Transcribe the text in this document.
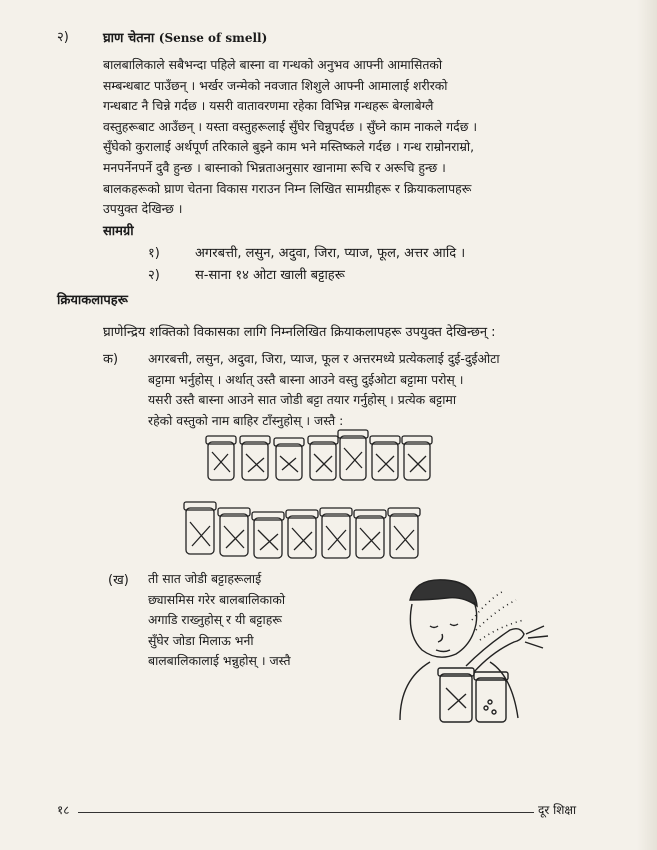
२)	घ्राण चेतना (Sense of smell)
बालबालिकाले सबैभन्दा पहिले बास्ना वा गन्धको अनुभव आफ्नी आमासितको
सम्बन्धबाट पाउँछन् । भर्खर जन्मेको नवजात शिशुले आफ्नी आमालाई शरीरको
गन्धबाट नै चिन्ने गर्दछ । यसरी वातावरणमा रहेका विभिन्न गन्धहरू बेग्लाबेग्लै
वस्तुहरूबाट आउँछन् । यस्ता वस्तुहरूलाई सुँघेर चिन्नुपर्दछ । सुँघ्ने काम नाकले गर्दछ ।
सुँघेको कुरालाई अर्थपूर्ण तरिकाले बुझ्ने काम भने मस्तिष्कले गर्दछ । गन्ध राम्रोनराम्रो,
मनपर्नेनपर्ने दुवै हुन्छ । बास्नाको भिन्नताअनुसार खानामा रूचि र अरूचि हुन्छ ।
बालकहरूको घ्राण चेतना विकास गराउन निम्न लिखित सामग्रीहरू र क्रियाकलापहरू
उपयुक्त देखिन्छ ।
सामग्री
१)	अगरबत्ती, लसुन, अदुवा, जिरा, प्याज, फूल, अत्तर आदि ।
२)	स-साना १४ ओटा खाली बट्टाहरू
क्रियाकलापहरू
घ्राणेन्द्रिय शक्तिको विकासका लागि निम्नलिखित क्रियाकलापहरू उपयुक्त देखिन्छन् :
क) अगरबत्ती, लसुन, अदुवा, जिरा, प्याज, फूल र अत्तरमध्ये प्रत्येकलाई दुई-दुईओटा
बट्टामा भर्नुहोस् । अर्थात् उस्तै बास्ना आउने वस्तु दुईओटा बट्टामा परोस् ।
यसरी उस्तै बास्ना आउने सात जोडी बट्टा तयार गर्नुहोस् । प्रत्येक बट्टामा
रहेको वस्तुको नाम बाहिर टाँस्नुहोस् । जस्तै :
(ख) ती सात जोडी बट्टाहरूलाई
छ्यासमिस गरेर बालबालिकाको
अगाडि राख्नुहोस् र यी बट्टाहरू
सुँघेर जोडा मिलाऊ भनी
बालबालिकालाई भन्नुहोस् । जस्तै
१८	दूर शिक्षा
